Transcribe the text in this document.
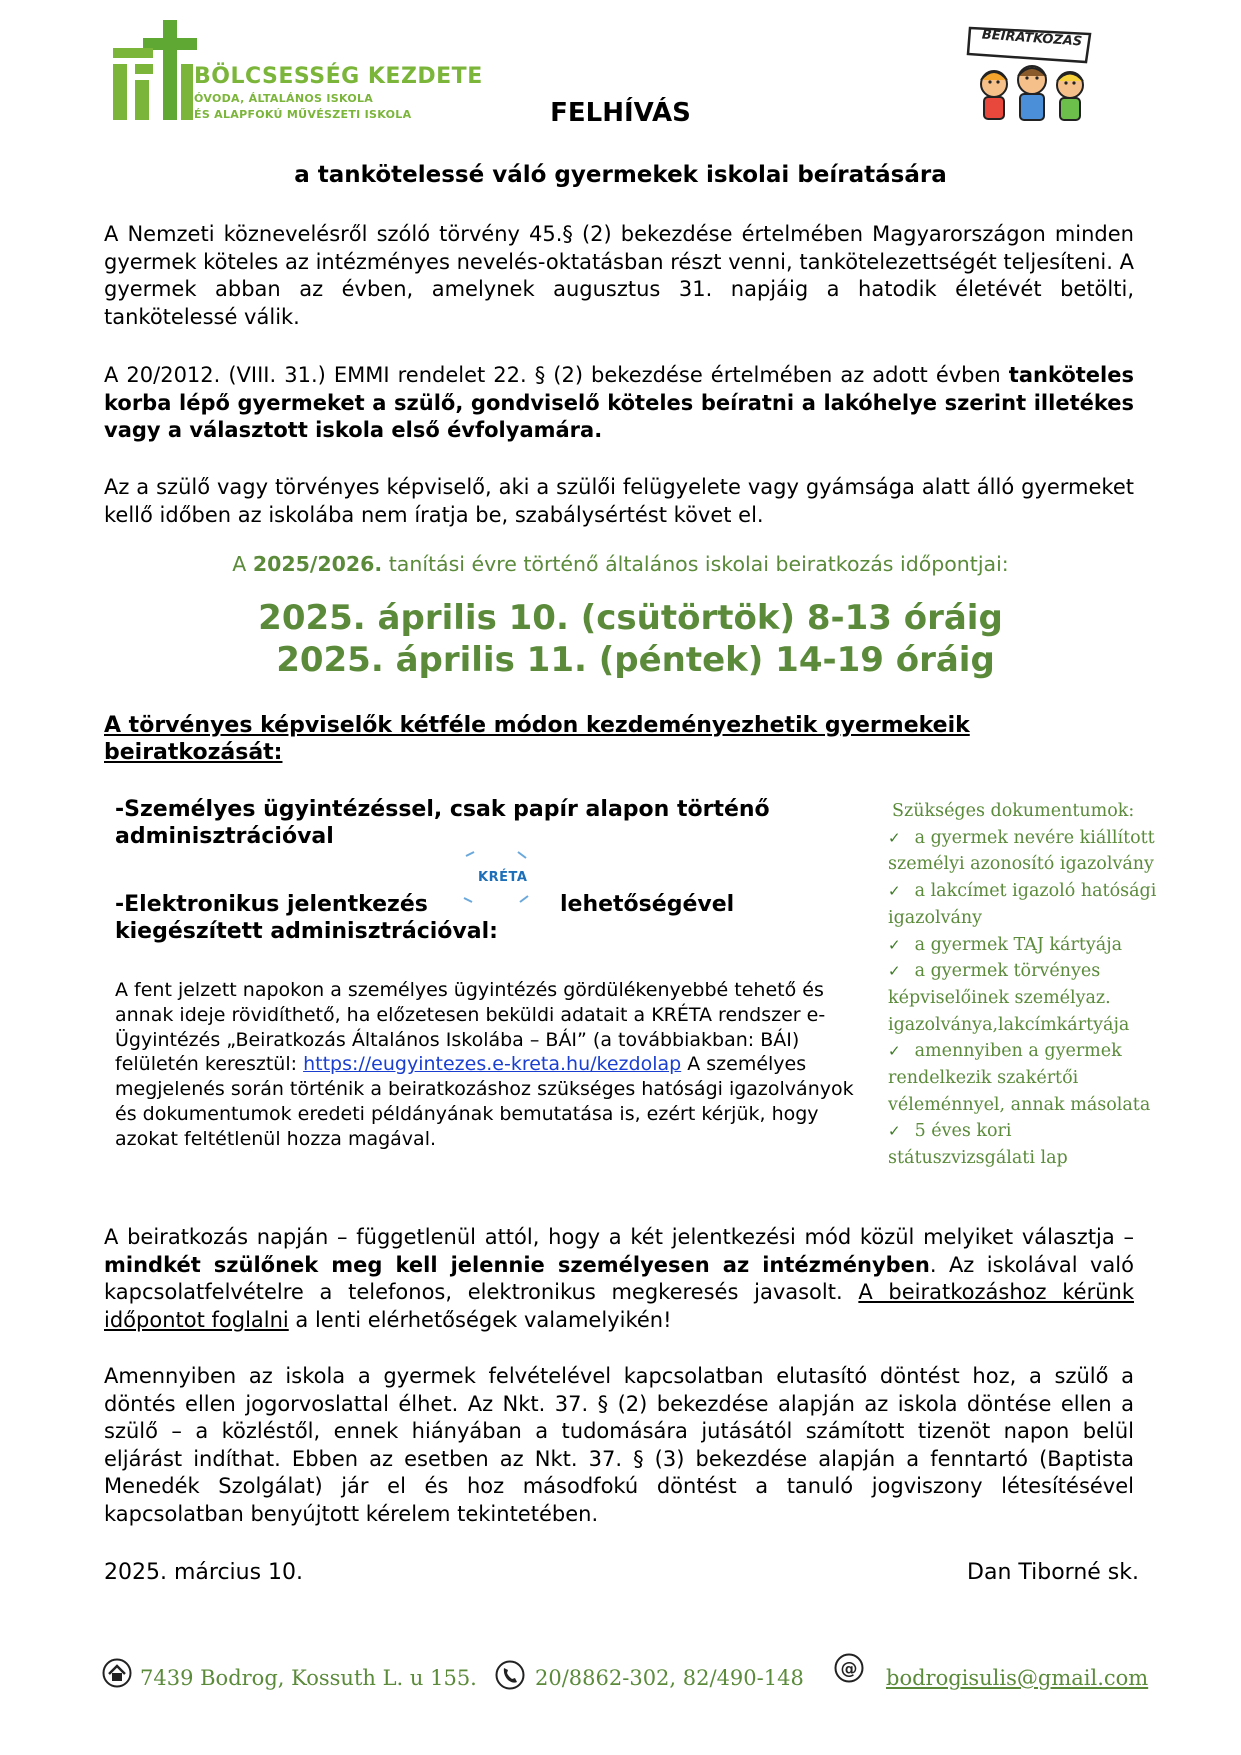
BÖLCSESSÉG KEZDETE
ÓVODA, ÁLTALÁNOS ISKOLA
ÉS ALAPFOKÚ MŰVÉSZETI ISKOLA
BEIRATKOZÁS
FELHÍVÁS
a tankötelessé váló gyermekek iskolai beíratására
A Nemzeti köznevelésről szóló törvény 45.§ (2) bekezdése értelmében Magyarországon minden gyermek köteles az intézményes nevelés-oktatásban részt venni, tankötelezettségét teljesíteni. A gyermek abban az évben, amelynek augusztus 31. napjáig a hatodik életévét betölti, tankötelessé válik.
A 20/2012. (VIII. 31.) EMMI rendelet 22. § (2) bekezdése értelmében az adott évben tanköteles korba lépő gyermeket a szülő, gondviselő köteles beíratni a lakóhelye szerint illetékes vagy a választott iskola első évfolyamára.
Az a szülő vagy törvényes képviselő, aki a szülői felügyelete vagy gyámsága alatt álló gyermeket kellő időben az iskolába nem íratja be, szabálysértést követ el.
A 2025/2026. tanítási évre történő általános iskolai beiratkozás időpontjai:
2025. április 10. (csütörtök) 8-13 óráig
2025. április 11. (péntek) 14-19 óráig
A törvényes képviselők kétféle módon kezdeményezhetik gyermekeik beiratkozását:
-Személyes ügyintézéssel, csak papír alapon történő adminisztrációval
-Elektronikus jelentkezés
KRÉTA
lehetőségével
kiegészített adminisztrációval:
A fent jelzett napokon a személyes ügyintézés gördülékenyebbé tehető és annak ideje rövidíthető, ha előzetesen beküldi adatait a KRÉTA rendszer e-Ügyintézés „Beiratkozás Általános Iskolába – BÁI” (a továbbiakban: BÁI) felületén keresztül: https://eugyintezes.e-kreta.hu/kezdolap A személyes megjelenés során történik a beiratkozáshoz szükséges hatósági igazolványok és dokumentumok eredeti példányának bemutatása is, ezért kérjük, hogy azokat feltétlenül hozza magával.
Szükséges dokumentumok:
✓ a gyermek nevére kiállított
személyi azonosító igazolvány
✓ a lakcímet igazoló hatósági
igazolvány
✓ a gyermek TAJ kártyája
✓ a gyermek törvényes
képviselőinek személyaz. igazolványa,lakcímkártyája
✓ amennyiben a gyermek
rendelkezik szakértői véleménnyel, annak másolata
✓ 5 éves kori
státuszvizsgálati lap
A beiratkozás napján – függetlenül attól, hogy a két jelentkezési mód közül melyiket választja – mindkét szülőnek meg kell jelennie személyesen az intézményben. Az iskolával való kapcsolatfelvételre a telefonos, elektronikus megkeresés javasolt. A beiratkozáshoz kérünk időpontot foglalni a lenti elérhetőségek valamelyikén!
Amennyiben az iskola a gyermek felvételével kapcsolatban elutasító döntést hoz, a szülő a döntés ellen jogorvoslattal élhet. Az Nkt. 37. § (2) bekezdése alapján az iskola döntése ellen a szülő – a közléstől, ennek hiányában a tudomására jutásától számított tizenöt napon belül eljárást indíthat. Ebben az esetben az Nkt. 37. § (3) bekezdése alapján a fenntartó (Baptista Menedék Szolgálat) jár el és hoz másodfokú döntést a tanuló jogviszony létesítésével kapcsolatban benyújtott kérelem tekintetében.
2025. március 10.	Dan Tiborné sk.
7439 Bodrog, Kossuth L. u 155.	20/8862-302, 82/490-148 @ bodrogisulis@gmail.com
